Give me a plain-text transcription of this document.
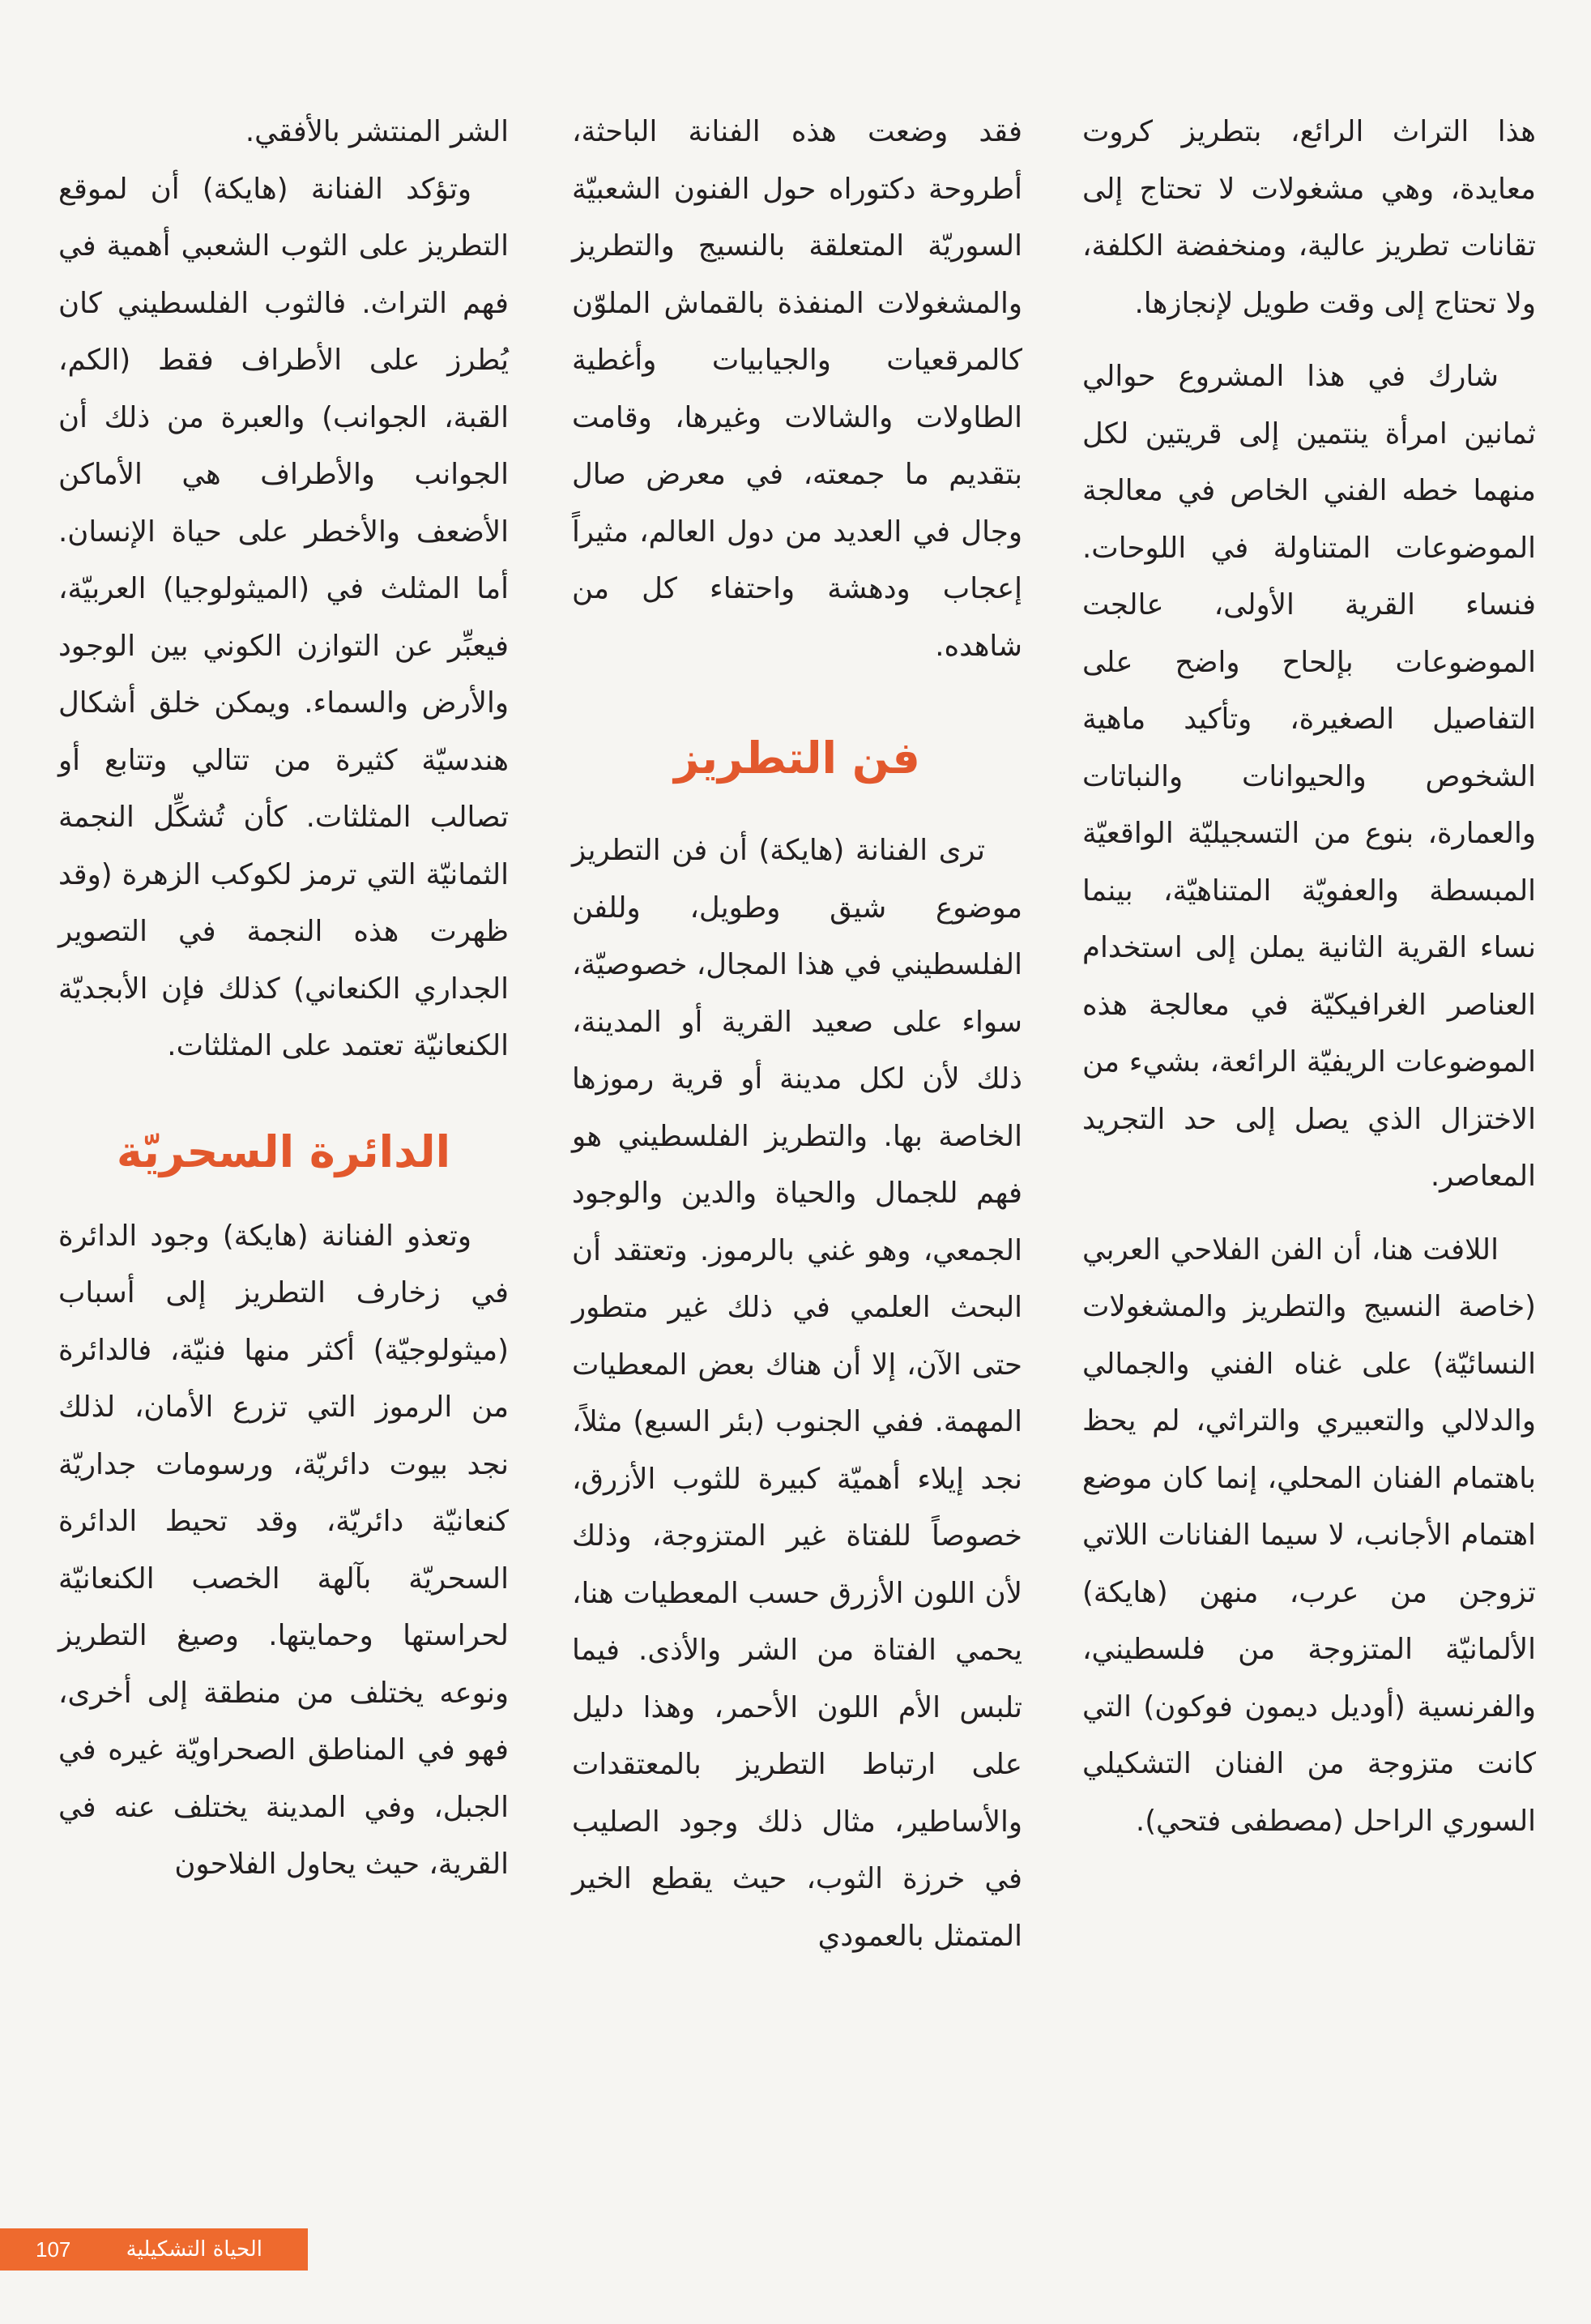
هذا التراث الرائع، بتطريز كروت معايدة، وهي مشغولات لا تحتاج إلى تقانات تطريز عالية، ومنخفضة الكلفة، ولا تحتاج إلى وقت طويل لإنجازها.

شارك في هذا المشروع حوالي ثمانين امرأة ينتمين إلى قريتين لكل منهما خطه الفني الخاص في معالجة الموضوعات المتناولة في اللوحات. فنساء القرية الأولى، عالجت الموضوعات بإلحاح واضح على التفاصيل الصغيرة، وتأكيد ماهية الشخوص والحيوانات والنباتات والعمارة، بنوع من التسجيليّة الواقعيّة المبسطة والعفويّة المتناهيّة، بينما نساء القرية الثانية يملن إلى استخدام العناصر الغرافيكيّة في معالجة هذه الموضوعات الريفيّة الرائعة، بشيء من الاختزال الذي يصل إلى حد التجريد المعاصر.

اللافت هنا، أن الفن الفلاحي العربي (خاصة النسيج والتطريز والمشغولات النسائيّة) على غناه الفني والجمالي والدلالي والتعبيري والتراثي، لم يحظ باهتمام الفنان المحلي، إنما كان موضع اهتمام الأجانب، لا سيما الفنانات اللاتي تزوجن من عرب، منهن (هايكة) الألمانيّة المتزوجة من فلسطيني، والفرنسية (أوديل ديمون فوكون) التي كانت متزوجة من الفنان التشكيلي السوري الراحل (مصطفى فتحي).

فقد وضعت هذه الفنانة الباحثة، أطروحة دكتوراه حول الفنون الشعبيّة السوريّة المتعلقة بالنسيج والتطريز والمشغولات المنفذة بالقماش الملوّن كالمرقعيات والجيابيات وأغطية الطاولات والشالات وغيرها، وقامت بتقديم ما جمعته، في معرض صال وجال في العديد من دول العالم، مثيراً إعجاب ودهشة واحتفاء كل من شاهده.

فن التطريز

ترى الفنانة (هايكة) أن فن التطريز موضوع شيق وطويل، وللفن الفلسطيني في هذا المجال، خصوصيّة، سواء على صعيد القرية أو المدينة، ذلك لأن لكل مدينة أو قرية رموزها الخاصة بها. والتطريز الفلسطيني هو فهم للجمال والحياة والدين والوجود الجمعي، وهو غني بالرموز. وتعتقد أن البحث العلمي في ذلك غير متطور حتى الآن، إلا أن هناك بعض المعطيات المهمة. ففي الجنوب (بئر السبع) مثلاً، نجد إيلاء أهميّة كبيرة للثوب الأزرق، خصوصاً للفتاة غير المتزوجة، وذلك لأن اللون الأزرق حسب المعطيات هنا، يحمي الفتاة من الشر والأذى. فيما تلبس الأم اللون الأحمر، وهذا دليل على ارتباط التطريز بالمعتقدات والأساطير، مثال ذلك وجود الصليب في خرزة الثوب، حيث يقطع الخير المتمثل بالعمودي

الشر المنتشر بالأفقي.

وتؤكد الفنانة (هايكة) أن لموقع التطريز على الثوب الشعبي أهمية في فهم التراث. فالثوب الفلسطيني كان يُطرز على الأطراف فقط (الكم، القبة، الجوانب) والعبرة من ذلك أن الجوانب والأطراف هي الأماكن الأضعف والأخطر على حياة الإنسان. أما المثلث في (الميثولوجيا) العربيّة، فيعبِّر عن التوازن الكوني بين الوجود والأرض والسماء. ويمكن خلق أشكال هندسيّة كثيرة من تتالي وتتابع أو تصالب المثلثات. كأن تُشكِّل النجمة الثمانيّة التي ترمز لكوكب الزهرة (وقد ظهرت هذه النجمة في التصوير الجداري الكنعاني) كذلك فإن الأبجديّة الكنعانيّة تعتمد على المثلثات.

الدائرة السحريّة

وتعذو الفنانة (هايكة) وجود الدائرة في زخارف التطريز إلى أسباب (ميثولوجيّة) أكثر منها فنيّة، فالدائرة من الرموز التي تزرع الأمان، لذلك نجد بيوت دائريّة، ورسومات جداريّة كنعانيّة دائريّة، وقد تحيط الدائرة السحريّة بآلهة الخصب الكنعانيّة لحراستها وحمايتها. وصيغ التطريز ونوعه يختلف من منطقة إلى أخرى، فهو في المناطق الصحراويّة غيره في الجبل، وفي المدينة يختلف عنه في القرية، حيث يحاول الفلاحون

الحياة التشكيلية
107
